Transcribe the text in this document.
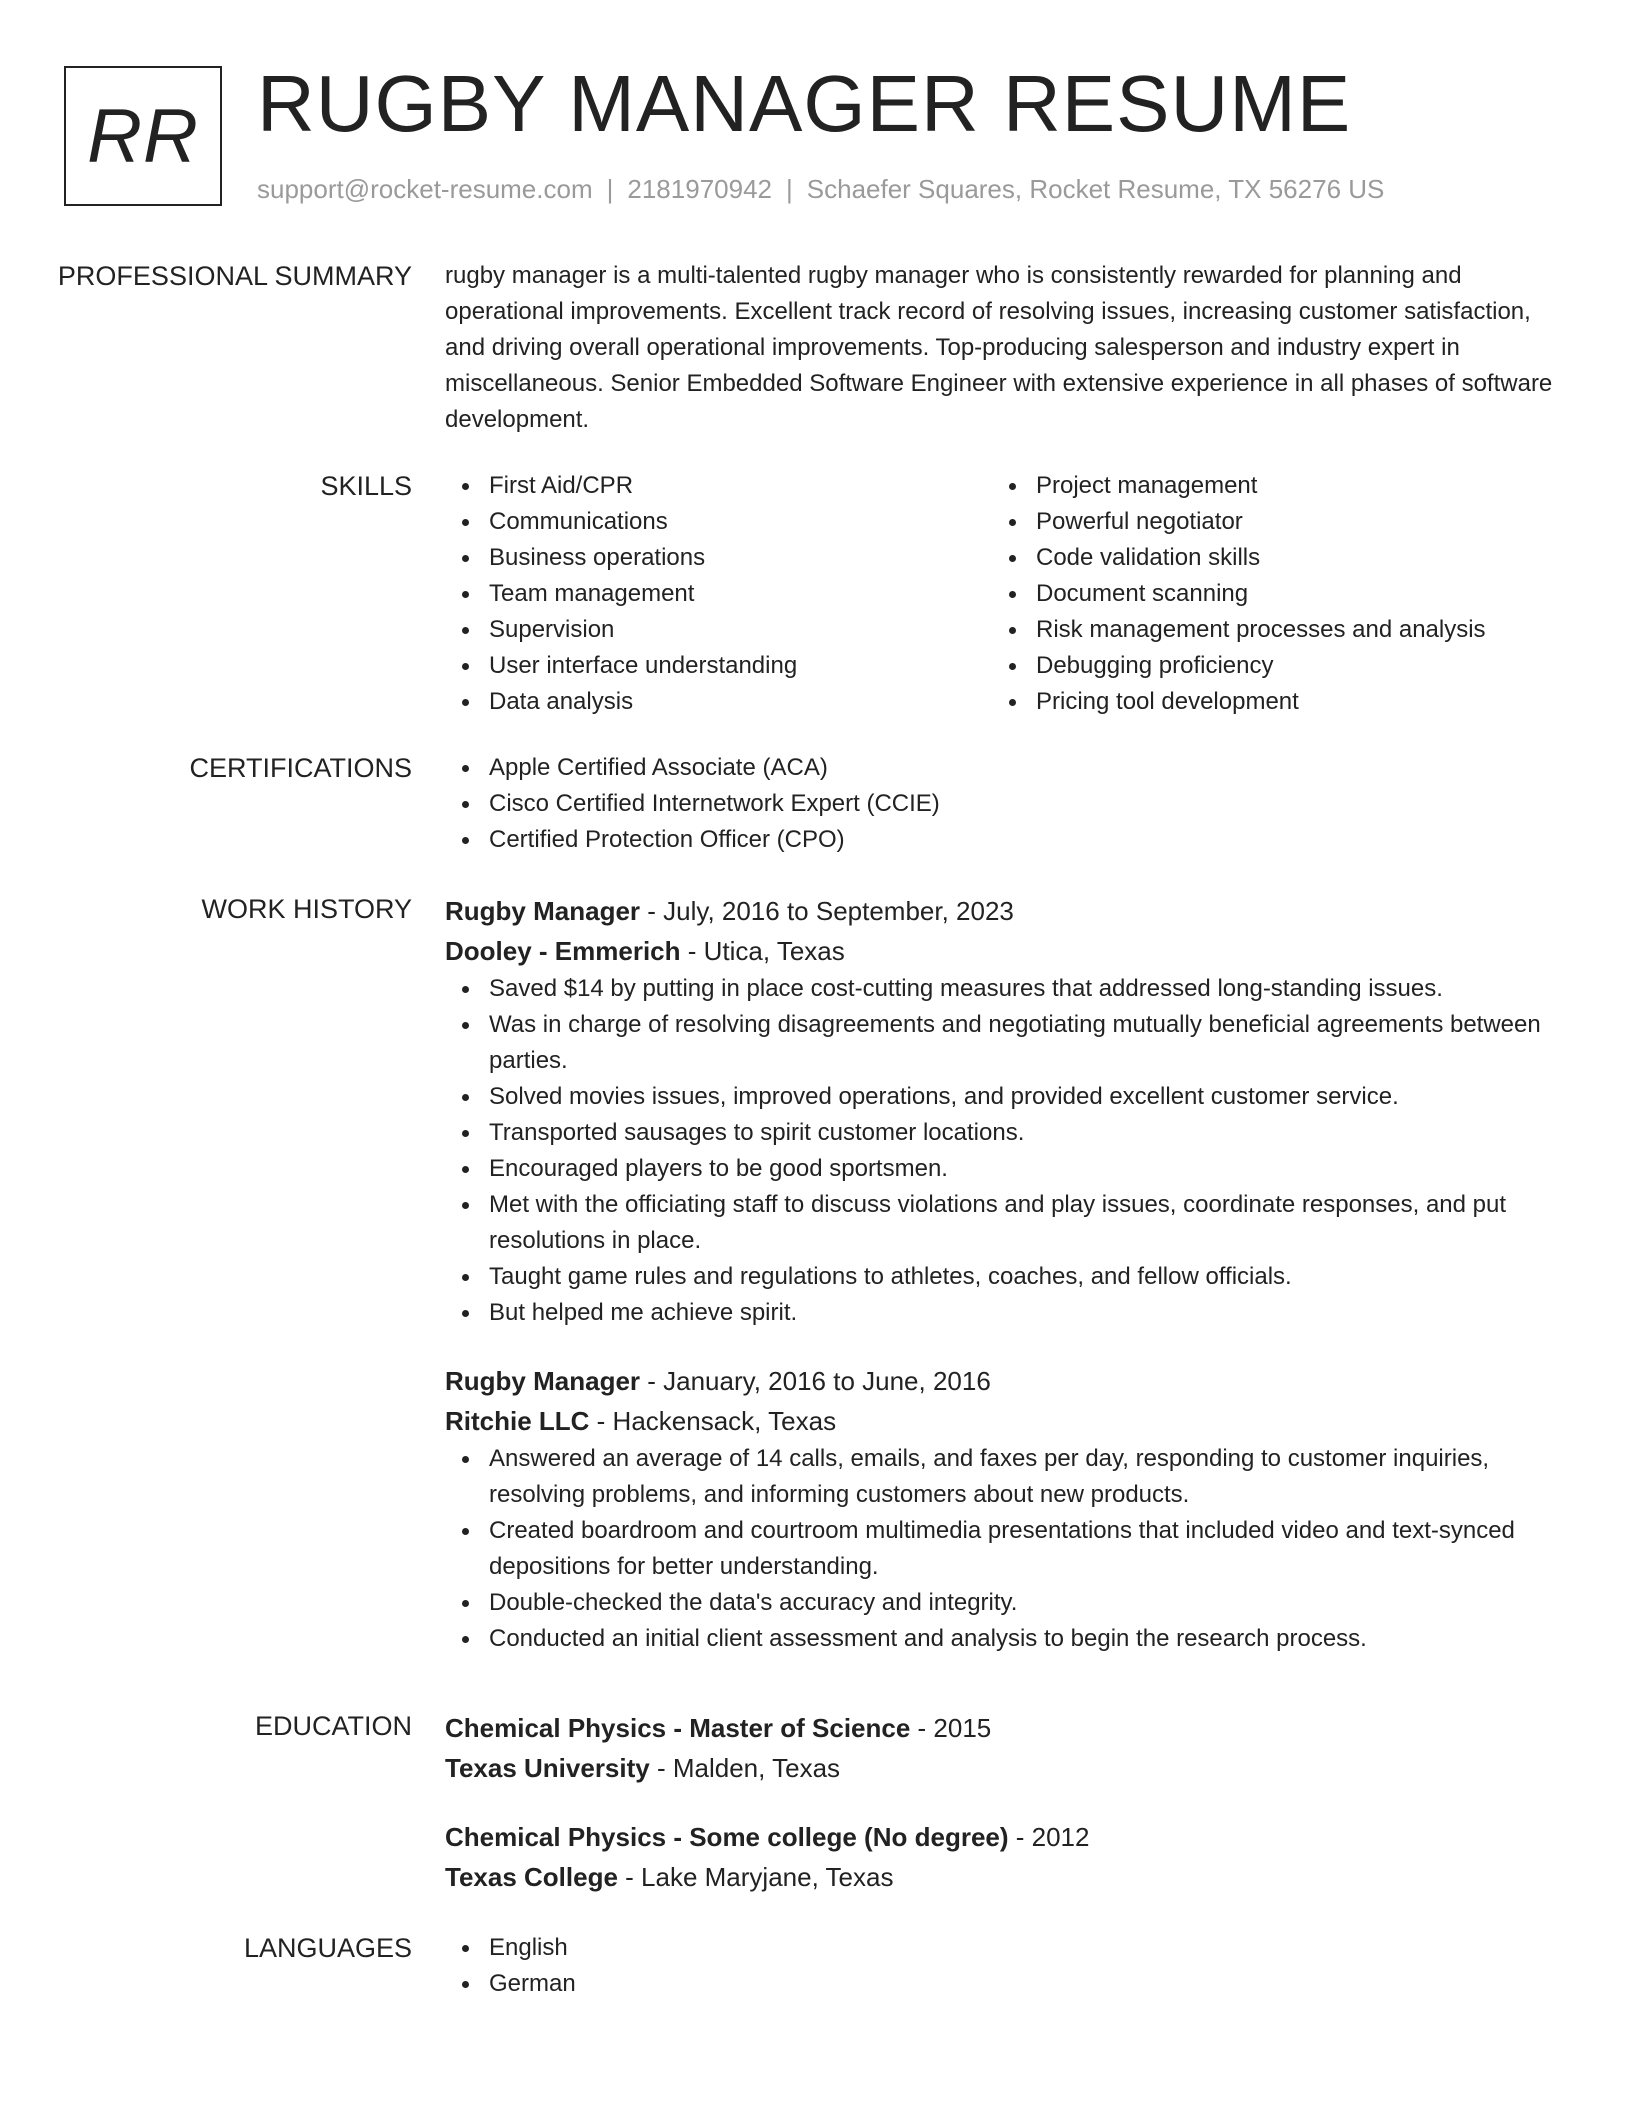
RR RUGBY MANAGER RESUME
support@rocket-resume.com | 2181970942 | Schaefer Squares, Rocket Resume, TX 56276 US
PROFESSIONAL SUMMARY rugby manager is a multi-talented rugby manager who is consistently rewarded for planning and operational improvements. Excellent track record of resolving issues, increasing customer satisfaction, and driving overall operational improvements. Top-producing salesperson and industry expert in miscellaneous. Senior Embedded Software Engineer with extensive experience in all phases of software development.
SKILLS	First Aid/CPR
Communications
Business operations
Team management
Supervision
User interface understanding
Data analysis
Project management
Powerful negotiator
Code validation skills
Document scanning
Risk management processes and analysis
Debugging proficiency
Pricing tool development
CERTIFICATIONS	Apple Certified Associate (ACA)
Cisco Certified Internetwork Expert (CCIE)
Certified Protection Officer (CPO)
WORK HISTORY Rugby Manager - July, 2016 to September, 2023
Dooley - Emmerich - Utica, Texas
Saved $14 by putting in place cost-cutting measures that addressed long-standing issues.
Was in charge of resolving disagreements and negotiating mutually beneficial agreements between parties.
Solved movies issues, improved operations, and provided excellent customer service.
Transported sausages to spirit customer locations.
Encouraged players to be good sportsmen.
Met with the officiating staff to discuss violations and play issues, coordinate responses, and put resolutions in place.
Taught game rules and regulations to athletes, coaches, and fellow officials.
But helped me achieve spirit.
Rugby Manager - January, 2016 to June, 2016
Ritchie LLC - Hackensack, Texas
Answered an average of 14 calls, emails, and faxes per day, responding to customer inquiries, resolving problems, and informing customers about new products.
Created boardroom and courtroom multimedia presentations that included video and text-synced depositions for better understanding.
Double-checked the data's accuracy and integrity.
Conducted an initial client assessment and analysis to begin the research process.
EDUCATION Chemical Physics - Master of Science - 2015
Texas University - Malden, Texas
Chemical Physics - Some college (No degree) - 2012
Texas College - Lake Maryjane, Texas
LANGUAGES	English
German
